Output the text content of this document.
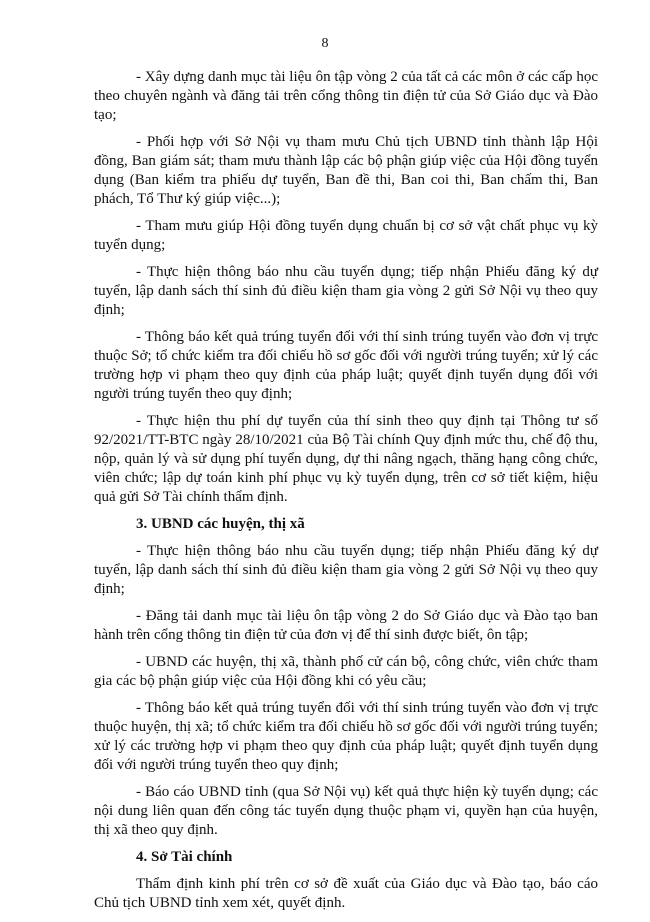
8

- Xây dựng danh mục tài liệu ôn tập vòng 2 của tất cả các môn ở các cấp học theo chuyên ngành và đăng tải trên cổng thông tin điện tử của Sở Giáo dục và Đào tạo;

- Phối hợp với Sở Nội vụ tham mưu Chủ tịch UBND tỉnh thành lập Hội đồng, Ban giám sát; tham mưu thành lập các bộ phận giúp việc của Hội đồng tuyển dụng (Ban kiểm tra phiếu dự tuyển, Ban đề thi, Ban coi thi, Ban chấm thi, Ban phách, Tổ Thư ký giúp việc...);

- Tham mưu giúp Hội đồng tuyển dụng chuẩn bị cơ sở vật chất phục vụ kỳ tuyển dụng;

- Thực hiện thông báo nhu cầu tuyển dụng; tiếp nhận Phiếu đăng ký dự tuyển, lập danh sách thí sinh đủ điều kiện tham gia vòng 2 gửi Sở Nội vụ theo quy định;

- Thông báo kết quả trúng tuyển đối với thí sinh trúng tuyển vào đơn vị trực thuộc Sở; tổ chức kiểm tra đối chiếu hồ sơ gốc đối với người trúng tuyển; xử lý các trường hợp vi phạm theo quy định của pháp luật; quyết định tuyển dụng đối với người trúng tuyển theo quy định;

- Thực hiện thu phí dự tuyển của thí sinh theo quy định tại Thông tư số 92/2021/TT-BTC ngày 28/10/2021 của Bộ Tài chính Quy định mức thu, chế độ thu, nộp, quản lý và sử dụng phí tuyển dụng, dự thi nâng ngạch, thăng hạng công chức, viên chức; lập dự toán kinh phí phục vụ kỳ tuyển dụng, trên cơ sở tiết kiệm, hiệu quả gửi Sở Tài chính thẩm định.

3. UBND các huyện, thị xã

- Thực hiện thông báo nhu cầu tuyển dụng; tiếp nhận Phiếu đăng ký dự tuyển, lập danh sách thí sinh đủ điều kiện tham gia vòng 2 gửi Sở Nội vụ theo quy định;

- Đăng tải danh mục tài liệu ôn tập vòng 2 do Sở Giáo dục và Đào tạo ban hành trên cổng thông tin điện tử của đơn vị để thí sinh được biết, ôn tập;

- UBND các huyện, thị xã, thành phố cử cán bộ, công chức, viên chức tham gia các bộ phận giúp việc của Hội đồng khi có yêu cầu;

- Thông báo kết quả trúng tuyển đối với thí sinh trúng tuyển vào đơn vị trực thuộc huyện, thị xã; tổ chức kiểm tra đối chiếu hồ sơ gốc đối với người trúng tuyển; xử lý các trường hợp vi phạm theo quy định của pháp luật; quyết định tuyển dụng đối với người trúng tuyển theo quy định;

- Báo cáo UBND tỉnh (qua Sở Nội vụ) kết quả thực hiện kỳ tuyển dụng; các nội dung liên quan đến công tác tuyển dụng thuộc phạm vi, quyền hạn của huyện, thị xã theo quy định.

4. Sở Tài chính

Thẩm định kinh phí trên cơ sở đề xuất của Giáo dục và Đào tạo, báo cáo Chủ tịch UBND tỉnh xem xét, quyết định.
